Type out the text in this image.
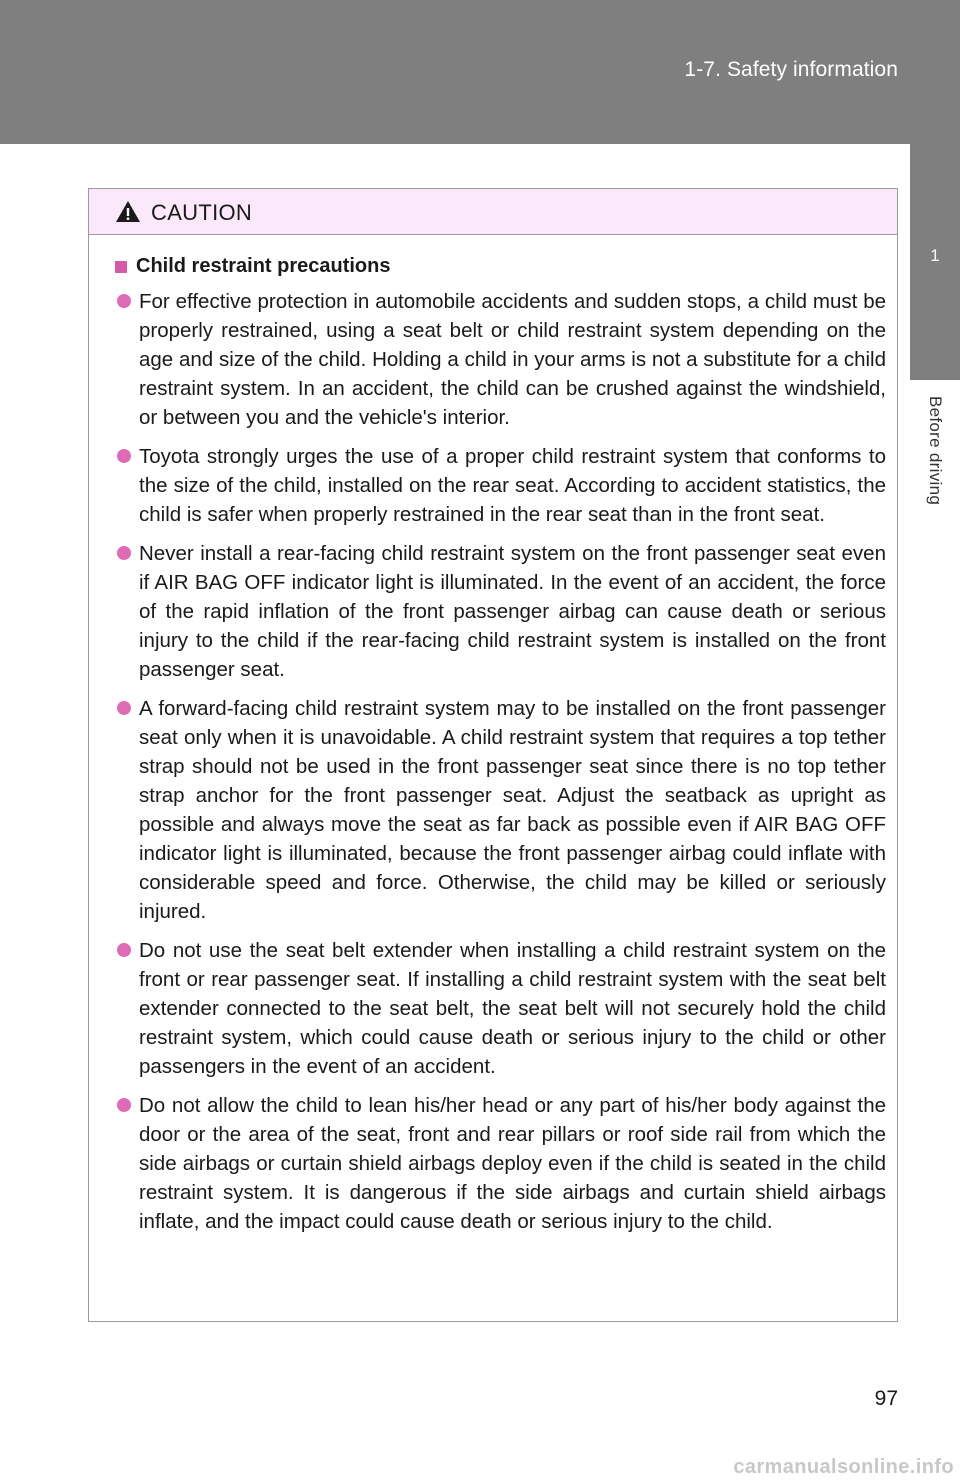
1-7. Safety information
1
Before driving
CAUTION
Child restraint precautions
For effective protection in automobile accidents and sudden stops, a child must be properly restrained, using a seat belt or child restraint system depending on the age and size of the child. Holding a child in your arms is not a substitute for a child restraint system. In an accident, the child can be crushed against the windshield, or between you and the vehicle's interior.
Toyota strongly urges the use of a proper child restraint system that conforms to the size of the child, installed on the rear seat. According to accident statistics, the child is safer when properly restrained in the rear seat than in the front seat.
Never install a rear-facing child restraint system on the front passenger seat even if AIR BAG OFF indicator light is illuminated. In the event of an accident, the force of the rapid inflation of the front passenger airbag can cause death or serious injury to the child if the rear-facing child restraint system is installed on the front passenger seat.
A forward-facing child restraint system may to be installed on the front passenger seat only when it is unavoidable. A child restraint system that requires a top tether strap should not be used in the front passenger seat since there is no top tether strap anchor for the front passenger seat. Adjust the seatback as upright as possible and always move the seat as far back as possible even if AIR BAG OFF indicator light is illuminated, because the front passenger airbag could inflate with considerable speed and force. Otherwise, the child may be killed or seriously injured.
Do not use the seat belt extender when installing a child restraint system on the front or rear passenger seat. If installing a child restraint system with the seat belt extender connected to the seat belt, the seat belt will not securely hold the child restraint system, which could cause death or serious injury to the child or other passengers in the event of an accident.
Do not allow the child to lean his/her head or any part of his/her body against the door or the area of the seat, front and rear pillars or roof side rail from which the side airbags or curtain shield airbags deploy even if the child is seated in the child restraint system. It is dangerous if the side airbags and curtain shield airbags inflate, and the impact could cause death or serious injury to the child.
97
carmanualsonline.info
